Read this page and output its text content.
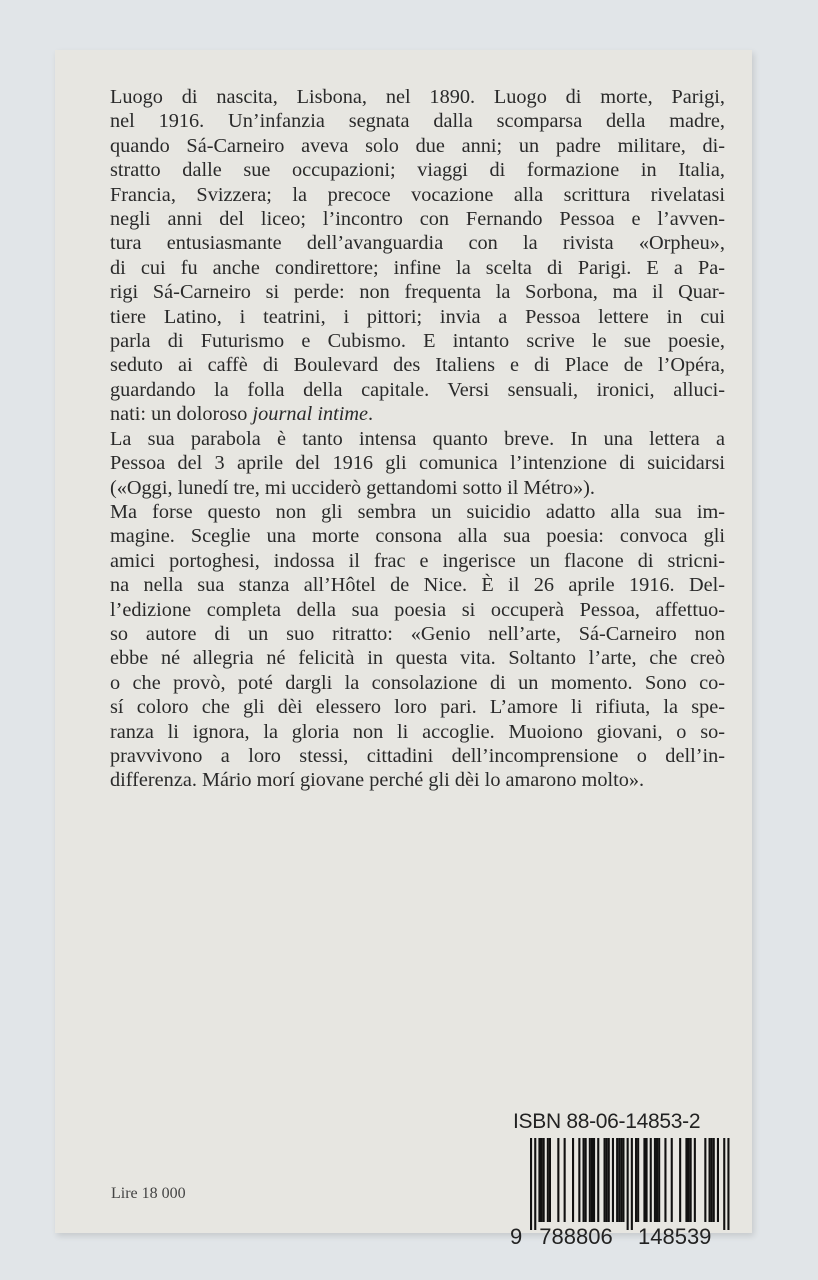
Luogo di nascita, Lisbona, nel 1890. Luogo di morte, Parigi,
nel 1916. Un’infanzia segnata dalla scomparsa della madre,
quando Sá-Carneiro aveva solo due anni; un padre militare, di-
stratto dalle sue occupazioni; viaggi di formazione in Italia,
Francia, Svizzera; la precoce vocazione alla scrittura rivelatasi
negli anni del liceo; l’incontro con Fernando Pessoa e l’avven-
tura entusiasmante dell’avanguardia con la rivista «Orpheu»,
di cui fu anche condirettore; infine la scelta di Parigi. E a Pa-
rigi Sá-Carneiro si perde: non frequenta la Sorbona, ma il Quar-
tiere Latino, i teatrini, i pittori; invia a Pessoa lettere in cui
parla di Futurismo e Cubismo. E intanto scrive le sue poesie,
seduto ai caffè di Boulevard des Italiens e di Place de l’Opéra,
guardando la folla della capitale. Versi sensuali, ironici, alluci-
nati: un doloroso journal intime.
La sua parabola è tanto intensa quanto breve. In una lettera a
Pessoa del 3 aprile del 1916 gli comunica l’intenzione di suicidarsi
(«Oggi, lunedí tre, mi ucciderò gettandomi sotto il Métro»).
Ma forse questo non gli sembra un suicidio adatto alla sua im-
magine. Sceglie una morte consona alla sua poesia: convoca gli
amici portoghesi, indossa il frac e ingerisce un flacone di stricni-
na nella sua stanza all’Hôtel de Nice. È il 26 aprile 1916. Del-
l’edizione completa della sua poesia si occuperà Pessoa, affettuo-
so autore di un suo ritratto: «Genio nell’arte, Sá-Carneiro non
ebbe né allegria né felicità in questa vita. Soltanto l’arte, che creò
o che provò, poté dargli la consolazione di un momento. Sono co-
sí coloro che gli dèi elessero loro pari. L’amore li rifiuta, la spe-
ranza li ignora, la gloria non li accoglie. Muoiono giovani, o so-
pravvivono a loro stessi, cittadini dell’incomprensione o dell’in-
differenza. Mário morí giovane perché gli dèi lo amarono molto».
Lire 18 000
ISBN 88-06-14853-2
9 788806 148539
